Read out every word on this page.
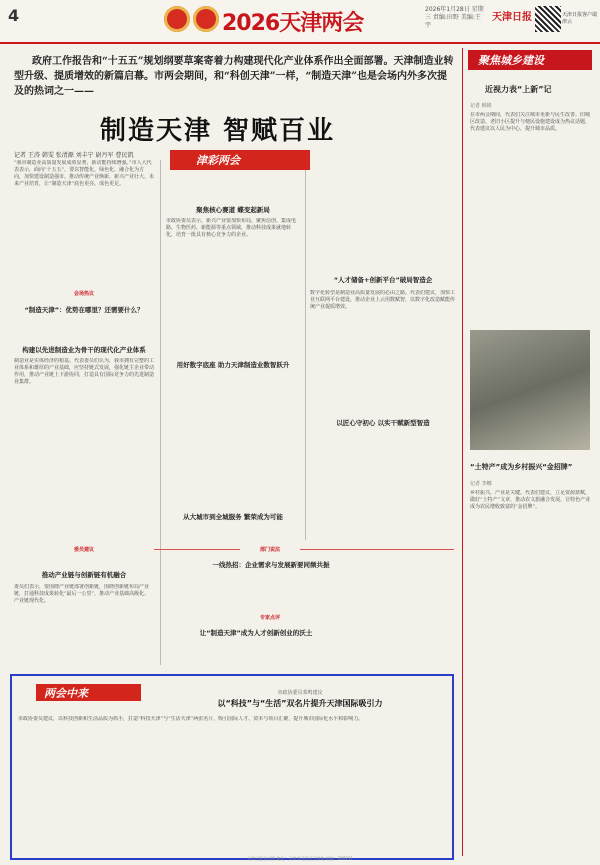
4	2026天津两会
2026年1月28日 星期三 责编:田野 美编:王宇
天津日报	天津日报客户端 津云
政府工作报告和“十五五”规划纲要草案寄着力构建现代化产业体系作出全面部署。天津制造业转型升级、提质增效的新篇启幕。市两会期间，和“科创天津”一样，“制造天津”也是会场内外多次提及的热词之一——
制造天津 智赋百业
记者 王涛 韩雯 张清源 刘丰宁 尉丹军 曹民凯
“我市制造业高质量发展成效显著，新动能持续增强。”市人大代表表示，面向“十五五”，要以智能化、绿色化、融合化为方向，加快建设制造强市。推动传统产业焕新、新兴产业壮大、未来产业培育，让“制造天津”底色更亮、成色更足。
会场热议
“制造天津”：优势在哪里？还需要什么？
构建以先进制造业为骨干的现代化产业体系
制造业是实体经济的根基。代表委员们认为，我市拥有完整的工业体系和雄厚的产业基础，应坚持链式发展，强化链主企业带动作用，推动产业链上下游协同，打造具有国际竞争力的先进制造业集群。
津彩两会
聚焦核心赛道 蝶变起新局
市政协委员表示，新兴产业要加快布局，聚焦信创、集成电路、生物医药、新能源等重点领域，推动科技成果就地转化，培育一批具有核心竞争力的企业。
用好数字底座 助力天津制造业数智跃升
从大城市到全城服务 繁荣成为可能
“人才储备+创新平台”破局智造企
数字化转型是制造业高质量发展的必由之路。代表们建议，加快工业互联网平台建设，推动企业上云用数赋智，以数字化改造赋能传统产业提质增效。
以匠心守初心 以实干赋新型智造
委员建议
推动产业链与创新链有机融合
委员们表示，要围绕产业链部署创新链，围绕创新链布局产业链，打通科技成果转化“最后一公里”，推动产业基础高级化、产业链现代化。
部门说法
一线热招：企业需求与发展新要同频共振
专家点评
让“制造天津”成为人才创新创业的沃土
聚焦城乡建设
近视力表“上新”记
记者 韩铭
在市两会期间，代表们关注城市更新与民生改善。旧城区改造、老旧小区提升与便民设施建设成为热议话题，代表建议以人民为中心，提升城市品质。
“土特产”成为乡村振兴“金招牌”
记者 李娜
乡村振兴，产业是关键。代表们建议，立足资源禀赋，做好“土特产”文章，推动农文旅融合发展，让特色产业成为农民增收致富的“金招牌”。
两会中来	市政协委员邓鸣建议
以“科技”与“生活”双名片提升天津国际吸引力
市政协委员建议，以科技创新和生活品质为抓手，打造“科技天津”与“生活天津”两张名片，吸引国际人才、资本与项目汇聚，提升城市国际化水平和影响力。
天津日报社出版 地址：天津市河西区卫津路 邮编：300211
